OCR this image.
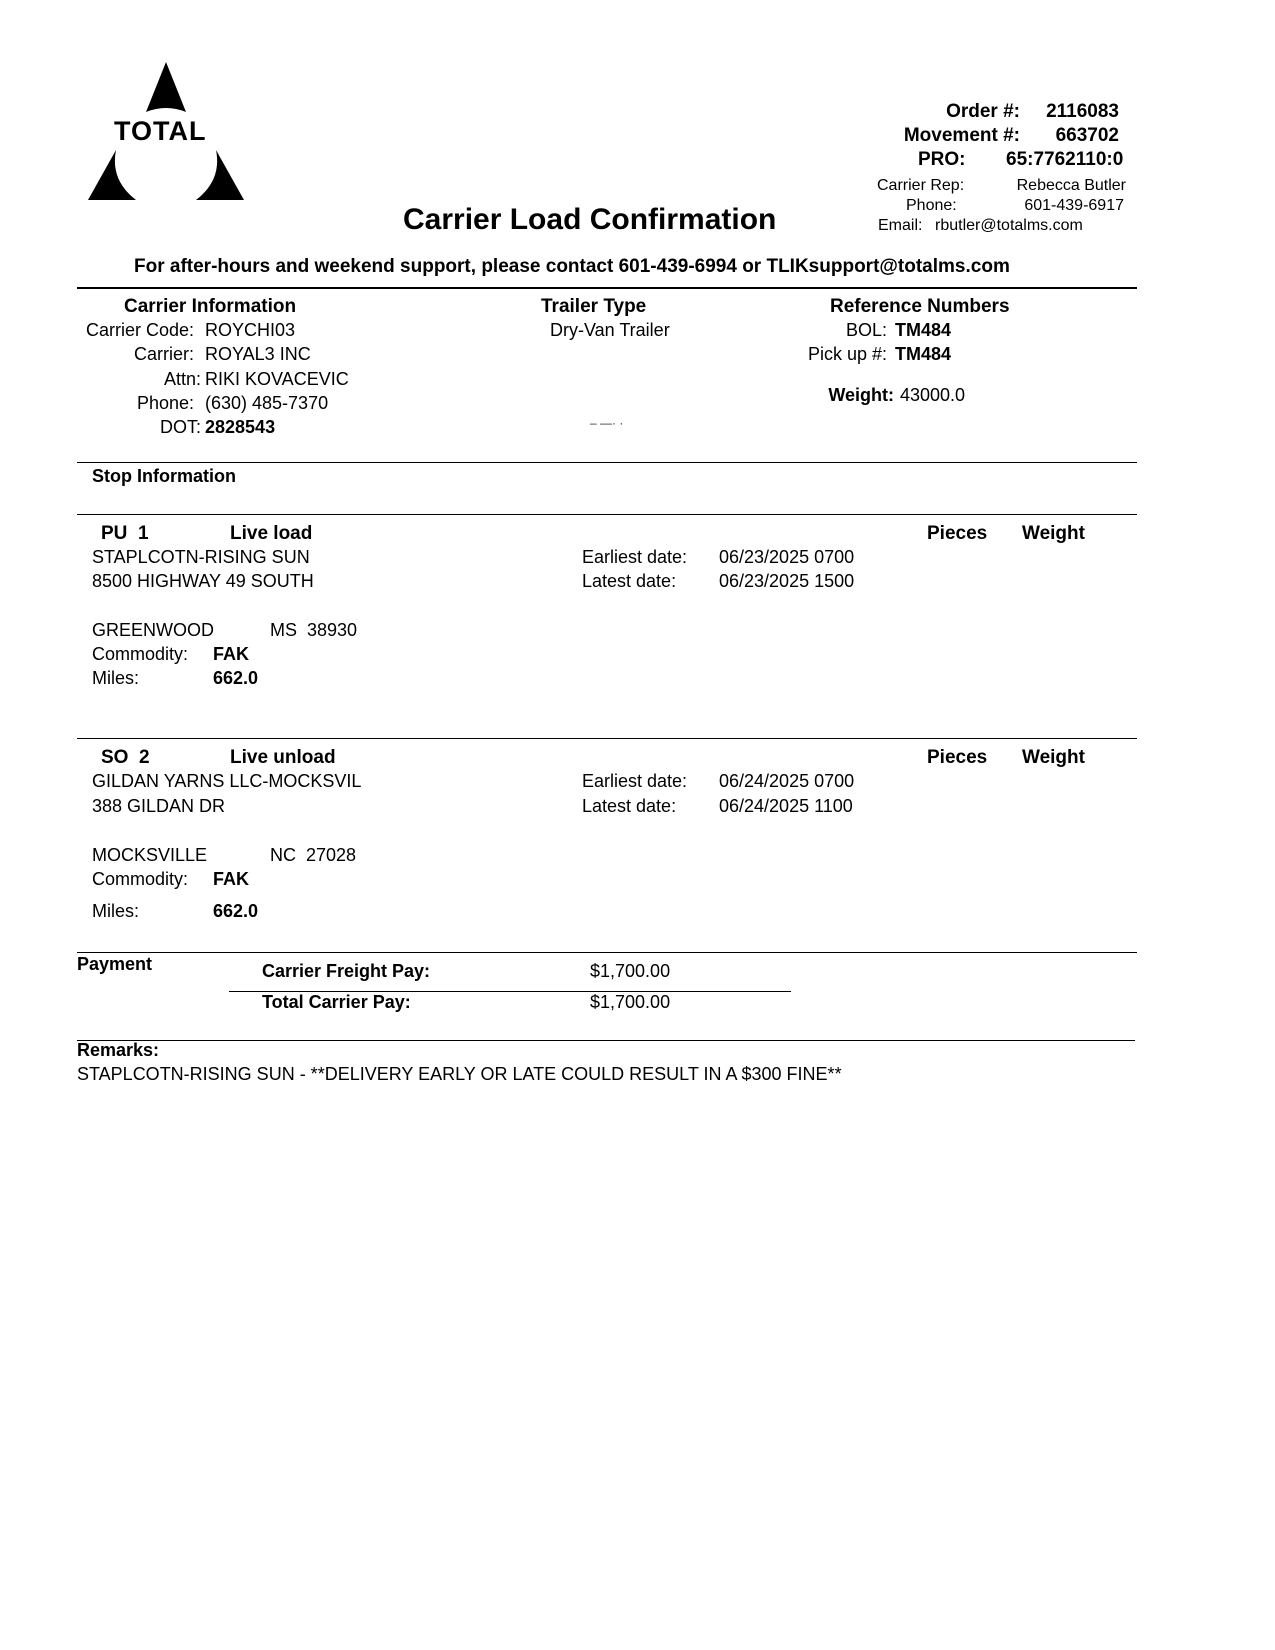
TOTAL
Carrier Load Confirmation
Order #: 2116083
Movement #: 663702
PRO: 65:7762110:0
Carrier Rep:	Rebecca Butler
Phone:	601-439-6917
Email: rbutler@totalms.com
For after-hours and weekend support, please contact 601-439-6994 or TLIKsupport@totalms.com
Carrier Information
Carrier Code: ROYCHI03
Carrier: ROYAL3 INC
Attn: RIKI KOVACEVIC
Phone: (630) 485-7370
DOT: 2828543
Trailer Type
Dry-Van Trailer
– —· ·
Reference Numbers
BOL: TM484
Pick up #: TM484
Weight: 43000.0
Stop Information
PU  1	Live load	Pieces Weight
STAPLCOTN-RISING SUN
8500 HIGHWAY 49 SOUTH
GREENWOOD	MS  38930
Earliest date: 06/23/2025 0700
Latest date: 06/23/2025 1500
Commodity: FAK
Miles:	662.0
SO  2	Live unload	Pieces Weight
GILDAN YARNS LLC-MOCKSVIL
388 GILDAN DR
MOCKSVILLE	NC  27028
Earliest date: 06/24/2025 0700
Latest date: 06/24/2025 1100
Commodity: FAK
Miles:	662.0
Payment	Carrier Freight Pay:	$1,700.00
Total Carrier Pay:	$1,700.00
Remarks:
STAPLCOTN-RISING SUN - **DELIVERY EARLY OR LATE COULD RESULT IN A $300 FINE**
